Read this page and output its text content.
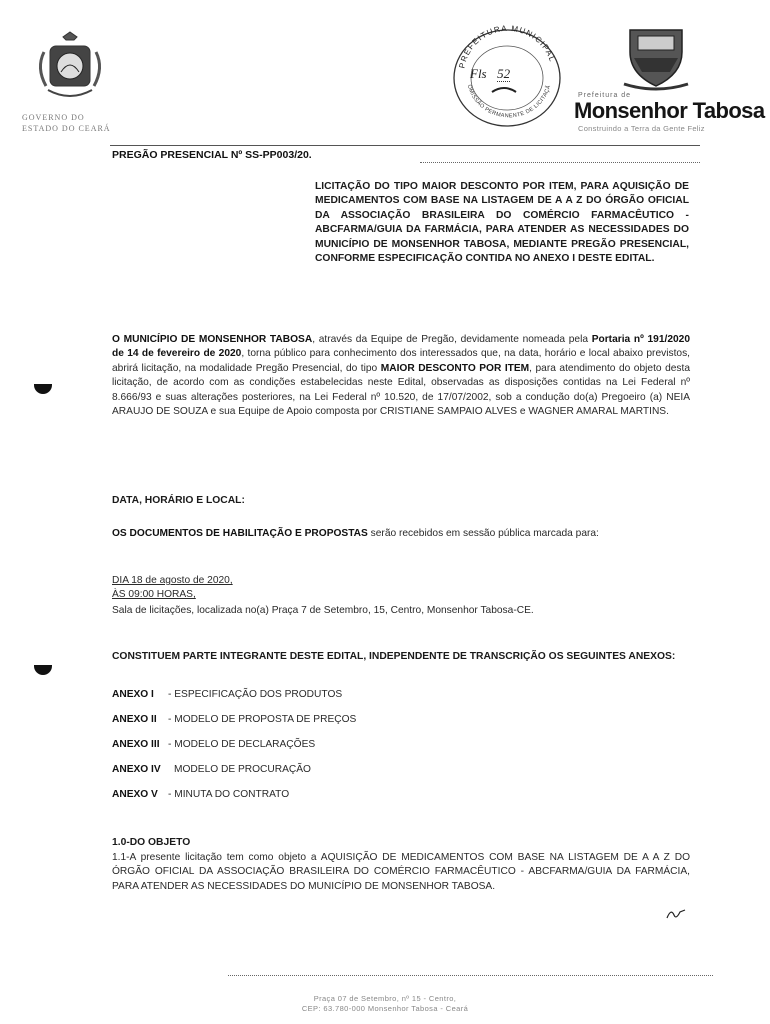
GOVERNO DO
ESTADO DO CEARÁ
PREFEITURA MUNICIPAL
OMISSÃO PERMANENTE DE LICITAÇÃ
Fls 52
Prefeitura de
Monsenhor Tabosa
Construindo a Terra da Gente Feliz
PREGÃO PRESENCIAL Nº SS-PP003/20.
LICITAÇÃO DO TIPO MAIOR DESCONTO POR ITEM, PARA AQUISIÇÃO DE MEDICAMENTOS COM BASE NA LISTAGEM DE A A Z DO ÓRGÃO OFICIAL DA ASSOCIAÇÃO BRASILEIRA DO COMÉRCIO FARMACÊUTICO - ABCFARMA/GUIA DA FARMÁCIA, PARA ATENDER AS NECESSIDADES DO MUNICÍPIO DE MONSENHOR TABOSA, MEDIANTE PREGÃO PRESENCIAL, CONFORME ESPECIFICAÇÃO CONTIDA NO ANEXO I DESTE EDITAL.
O MUNICÍPIO DE MONSENHOR TABOSA, através da Equipe de Pregão, devidamente nomeada pela Portaria nº 191/2020 de 14 de fevereiro de 2020, torna público para conhecimento dos interessados que, na data, horário e local abaixo previstos, abrirá licitação, na modalidade Pregão Presencial, do tipo MAIOR DESCONTO POR ITEM, para atendimento do objeto desta licitação, de acordo com as condições estabelecidas neste Edital, observadas as disposições contidas na Lei Federal nº 8.666/93 e suas alterações posteriores, na Lei Federal nº 10.520, de 17/07/2002, sob a condução do(a) Pregoeiro (a) NEIA ARAUJO DE SOUZA e sua Equipe de Apoio composta por CRISTIANE SAMPAIO ALVES e WAGNER AMARAL MARTINS.
DATA, HORÁRIO E LOCAL:
OS DOCUMENTOS DE HABILITAÇÃO E PROPOSTAS serão recebidos em sessão pública marcada para:
DIA 18 de agosto de 2020,
ÀS 09:00 HORAS,
Sala de licitações, localizada no(a) Praça 7 de Setembro, 15, Centro, Monsenhor Tabosa-CE.
CONSTITUEM PARTE INTEGRANTE DESTE EDITAL, INDEPENDENTE DE TRANSCRIÇÃO OS SEGUINTES ANEXOS:
ANEXO I - ESPECIFICAÇÃO DOS PRODUTOS
ANEXO II - MODELO DE PROPOSTA DE PREÇOS
ANEXO III - MODELO DE DECLARAÇÕES
ANEXO IV MODELO DE PROCURAÇÃO
ANEXO V - MINUTA DO CONTRATO
1.0-DO OBJETO
1.1-A presente licitação tem como objeto a AQUISIÇÃO DE MEDICAMENTOS COM BASE NA LISTAGEM DE A A Z DO ÓRGÃO OFICIAL DA ASSOCIAÇÃO BRASILEIRA DO COMÉRCIO FARMACÊUTICO - ABCFARMA/GUIA DA FARMÁCIA, PARA ATENDER AS NECESSIDADES DO MUNICÍPIO DE MONSENHOR TABOSA.
Praça 07 de Setembro, nº 15 - Centro,
CEP: 63.780-000 Monsenhor Tabosa - Ceará
